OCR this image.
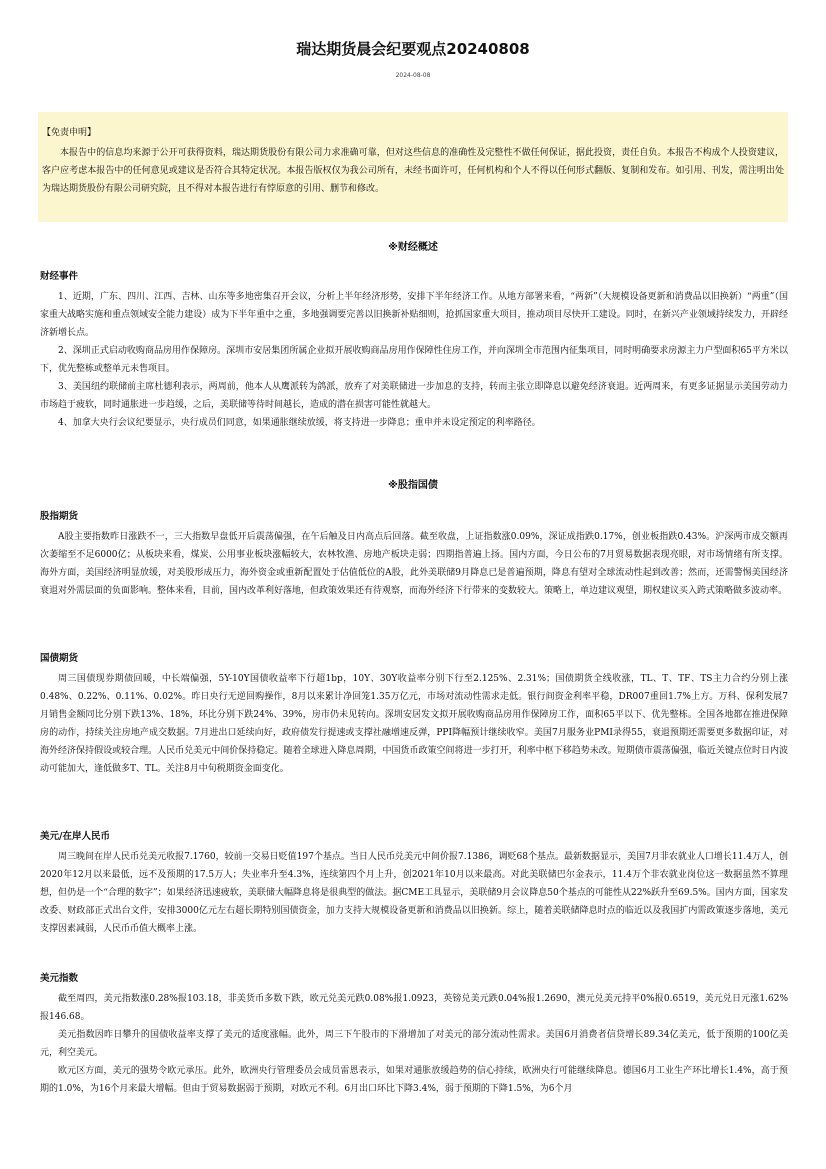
瑞达期货晨会纪要观点20240808
2024-08-08

【免责申明】

本报告中的信息均来源于公开可获得资料，瑞达期货股份有限公司力求准确可靠，但对这些信息的准确性及完整性不做任何保证，据此投资，责任自负。本报告不构成个人投资建议，客户应考虑本报告中的任何意见或建议是否符合其特定状况。本报告版权仅为我公司所有，未经书面许可，任何机构和个人不得以任何形式翻版、复制和发布。如引用、刊发，需注明出处为瑞达期货股份有限公司研究院，且不得对本报告进行有悖原意的引用、删节和修改。

※财经概述
财经事件

1、近期，广东、四川、江西、吉林、山东等多地密集召开会议，分析上半年经济形势，安排下半年经济工作。从地方部署来看，“两新”（大规模设备更新和消费品以旧换新）“两重”（国家重大战略实施和重点领域安全能力建设）成为下半年重中之重，多地强调要完善以旧换新补贴细则，抢抓国家重大项目，推动项目尽快开工建设。同时，在新兴产业领域持续发力，开辟经济新增长点。

2、深圳正式启动收购商品房用作保障房。深圳市安居集团所属企业拟开展收购商品房用作保障性住房工作，并向深圳全市范围内征集项目，同时明确要求房源主力户型面积65平方米以下，优先整栋或整单元未售项目。

3、美国纽约联储前主席杜德利表示，两周前，他本人从鹰派转为鸽派，放弃了对美联储进一步加息的支持，转而主张立即降息以避免经济衰退。近两周来，有更多证据显示美国劳动力市场趋于疲软，同时通胀进一步趋缓，之后，美联储等待时间越长，造成的潜在损害可能性就越大。

4、加拿大央行会议纪要显示，央行成员们同意，如果通胀继续放缓，将支持进一步降息；重申并未设定预定的利率路径。

※股指国债
股指期货

A股主要指数昨日涨跌不一，三大指数早盘低开后震荡偏强，在午后触及日内高点后回落。截至收盘，上证指数涨0.09%，深证成指跌0.17%，创业板指跌0.43%。沪深两市成交额再次萎缩至不足6000亿；从板块来看，煤炭、公用事业板块涨幅较大，农林牧渔、房地产板块走弱；四期指普遍上扬。国内方面，今日公布的7月贸易数据表现亮眼，对市场情绪有所支撑。海外方面，美国经济明显放缓，对美股形成压力，海外资金或重新配置处于估值低位的A股，此外美联储9月降息已是普遍预期，降息有望对全球流动性起到改善；然而，还需警惕美国经济衰退对外需层面的负面影响。整体来看，目前，国内改革利好落地，但政策效果还有待观察，而海外经济下行带来的变数较大。策略上，单边建议观望，期权建议买入跨式策略做多波动率。

国债期货

周三国债现券期债回暖，中长端偏强，5Y-10Y国债收益率下行超1bp，10Y、30Y收益率分别下行至2.125%、2.31%；国债期货全线收涨，TL、T、TF、TS主力合约分别上涨0.48%、0.22%、0.11%、0.02%。昨日央行无逆回购操作，8月以来累计净回笼1.35万亿元，市场对流动性需求走低。银行间资金利率平稳，DR007重回1.7%上方。万科、保利发展7月销售金额同比分别下跌13%、18%，环比分别下跌24%、39%，房市仍未见转向。深圳安居发文拟开展收购商品房用作保障房工作，面积65平以下、优先整栋。全国各地都在推进保障房的动作，持续关注房地产成交数据。7月进出口延续向好，政府债发行提速或支撑社融增速反弹，PPI降幅预计继续收窄。美国7月服务业PMI录得55，衰退预期还需要更多数据印证，对海外经济保持假设或较合理。人民币兑美元中间价保持稳定。随着全球进入降息周期，中国货币政策空间将进一步打开，利率中枢下移趋势未改。短期债市震荡偏强，临近关键点位时日内波动可能加大，逢低做多T、TL。关注8月中旬税期资金面变化。

美元/在岸人民币

周三晚间在岸人民币兑美元收报7.1760，较前一交易日贬值197个基点。当日人民币兑美元中间价报7.1386，调贬68个基点。最新数据显示，美国7月非农就业人口增长11.4万人，创2020年12月以来最低，远不及预期的17.5万人；失业率升至4.3%，连续第四个月上升，创2021年10月以来最高。对此美联储巴尔金表示，11.4万个非农就业岗位这一数据虽然不算理想，但仍是一个“合理的数字”；如果经济迅速疲软，美联储大幅降息将是很典型的做法。据CME工具显示，美联储9月会议降息50个基点的可能性从22%跃升至69.5%。国内方面，国家发改委、财政部正式出台文件，安排3000亿元左右超长期特别国债资金，加力支持大规模设备更新和消费品以旧换新。综上，随着美联储降息时点的临近以及我国扩内需政策逐步落地，美元支撑因素减弱，人民币币值大概率上涨。

美元指数

截至周四，美元指数涨0.28%报103.18，非美货币多数下跌，欧元兑美元跌0.08%报1.0923，英镑兑美元跌0.04%报1.2690，澳元兑美元持平0%报0.6519，美元兑日元涨1.62%报146.68。

美元指数因昨日攀升的国债收益率支撑了美元的适度涨幅。此外，周三下午股市的下滑增加了对美元的部分流动性需求。美国6月消费者信贷增长89.34亿美元，低于预期的100亿美元，利空美元。

欧元区方面，美元的强势令欧元承压。此外，欧洲央行管理委员会成员雷恩表示，如果对通胀放缓趋势的信心持续，欧洲央行可能继续降息。德国6月工业生产环比增长1.4%，高于预期的1.0%，为16个月来最大增幅。但由于贸易数据弱于预期，对欧元不利。6月出口环比下降3.4%，弱于预期的下降1.5%，为6个月
